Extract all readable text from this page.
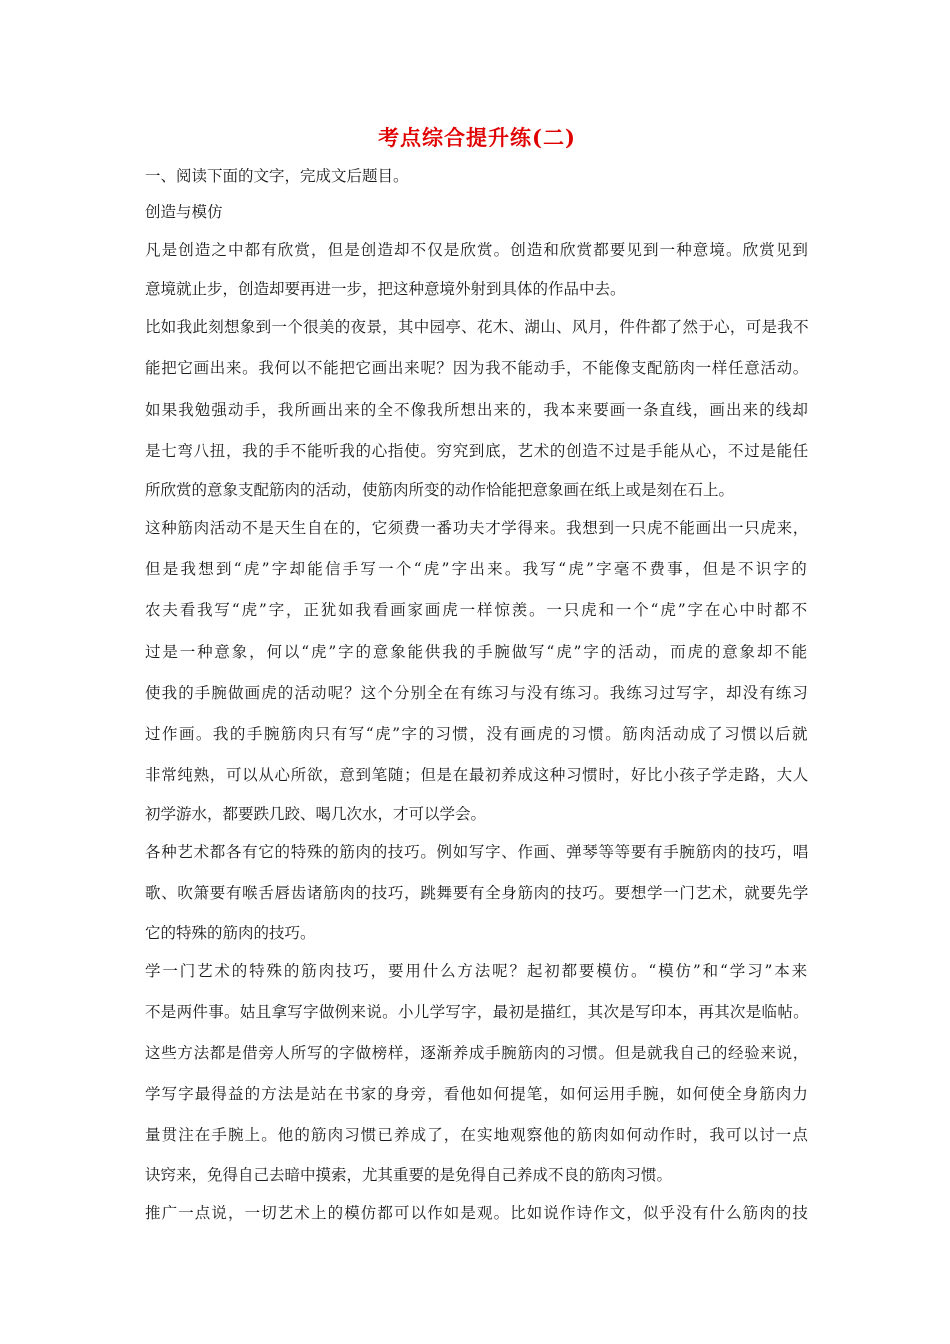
考点综合提升练(二)

一、阅读下面的文字，完成文后题目。

创造与模仿

凡是创造之中都有欣赏，但是创造却不仅是欣赏。创造和欣赏都要见到一种意境。欣赏见到

意境就止步，创造却要再进一步，把这种意境外射到具体的作品中去。

比如我此刻想象到一个很美的夜景，其中园亭、花木、湖山、风月，件件都了然于心，可是我不

能把它画出来。我何以不能把它画出来呢？因为我不能动手，不能像支配筋肉一样任意活动。

如果我勉强动手，我所画出来的全不像我所想出来的，我本来要画一条直线，画出来的线却

是七弯八扭，我的手不能听我的心指使。穷究到底，艺术的创造不过是手能从心，不过是能任

所欣赏的意象支配筋肉的活动，使筋肉所变的动作恰能把意象画在纸上或是刻在石上。

这种筋肉活动不是天生自在的，它须费一番功夫才学得来。我想到一只虎不能画出一只虎来，

但是我想到“虎”字却能信手写一个“虎”字出来。我写“虎”字毫不费事，但是不识字的

农夫看我写“虎”字，正犹如我看画家画虎一样惊羡。一只虎和一个“虎”字在心中时都不

过是一种意象，何以“虎”字的意象能供我的手腕做写“虎”字的活动，而虎的意象却不能

使我的手腕做画虎的活动呢？这个分别全在有练习与没有练习。我练习过写字，却没有练习

过作画。我的手腕筋肉只有写“虎”字的习惯，没有画虎的习惯。筋肉活动成了习惯以后就

非常纯熟，可以从心所欲，意到笔随；但是在最初养成这种习惯时，好比小孩子学走路，大人

初学游水，都要跌几跤、喝几次水，才可以学会。

各种艺术都各有它的特殊的筋肉的技巧。例如写字、作画、弹琴等等要有手腕筋肉的技巧，唱

歌、吹箫要有喉舌唇齿诸筋肉的技巧，跳舞要有全身筋肉的技巧。要想学一门艺术，就要先学

它的特殊的筋肉的技巧。

学一门艺术的特殊的筋肉技巧，要用什么方法呢？起初都要模仿。“模仿”和“学习”本来

不是两件事。姑且拿写字做例来说。小儿学写字，最初是描红，其次是写印本，再其次是临帖。

这些方法都是借旁人所写的字做榜样，逐渐养成手腕筋肉的习惯。但是就我自己的经验来说，

学写字最得益的方法是站在书家的身旁，看他如何提笔，如何运用手腕，如何使全身筋肉力

量贯注在手腕上。他的筋肉习惯已养成了，在实地观察他的筋肉如何动作时，我可以讨一点

诀窍来，免得自己去暗中摸索，尤其重要的是免得自己养成不良的筋肉习惯。

推广一点说，一切艺术上的模仿都可以作如是观。比如说作诗作文，似乎没有什么筋肉的技
